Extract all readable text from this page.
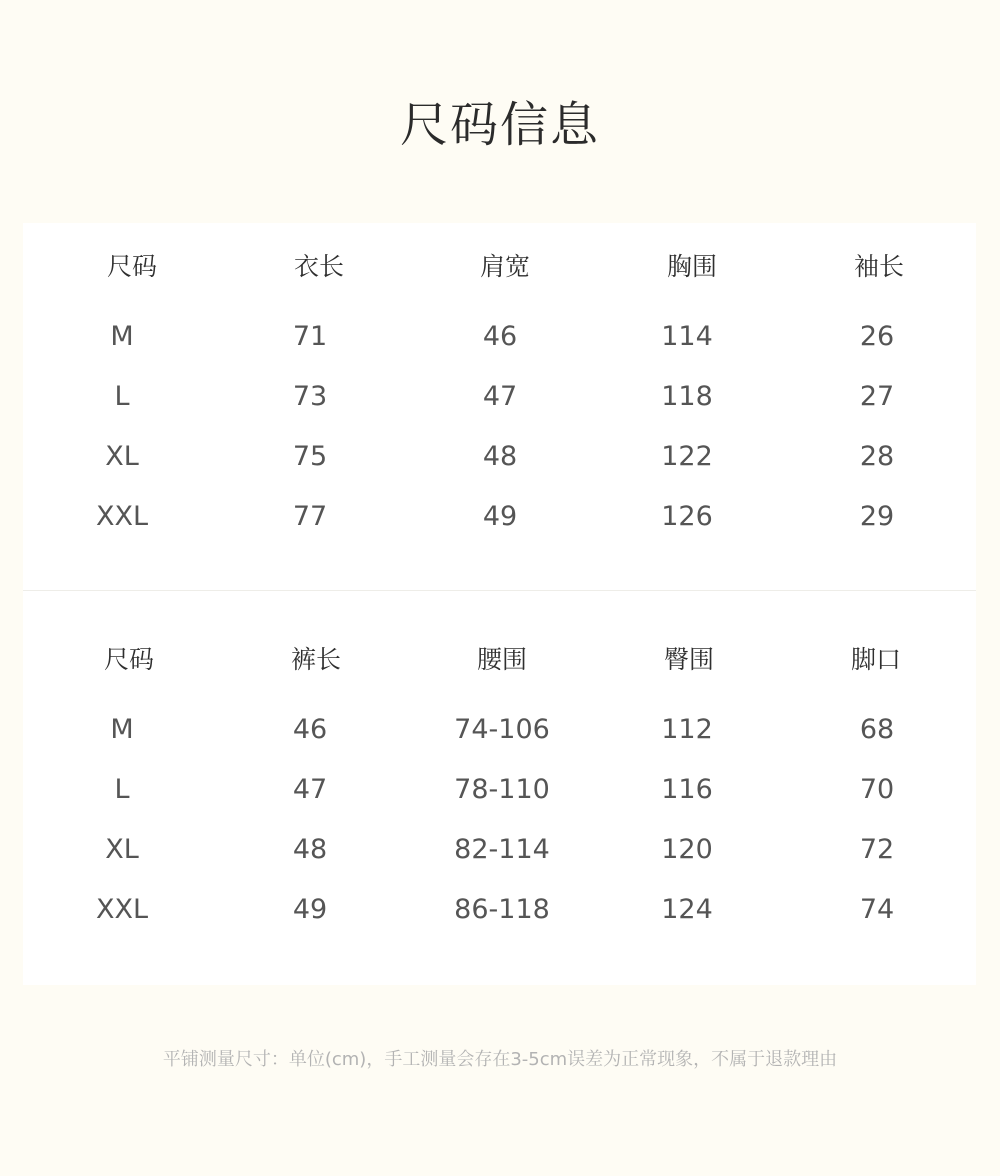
尺码信息
尺码	衣长	肩宽	胸围	袖长
M	71	46	114	26
L	73	47	118	27
XL	75	48	122	28
XXL	77	49	126	29
尺码	裤长	腰围	臀围	脚口
M	46	74-106	112	68
L	47	78-110	116	70
XL	48	82-114	120	72
XXL	49	86-118	124	74
平铺测量尺寸：单位(cm)，手工测量会存在3-5cm误差为正常现象，不属于退款理由
